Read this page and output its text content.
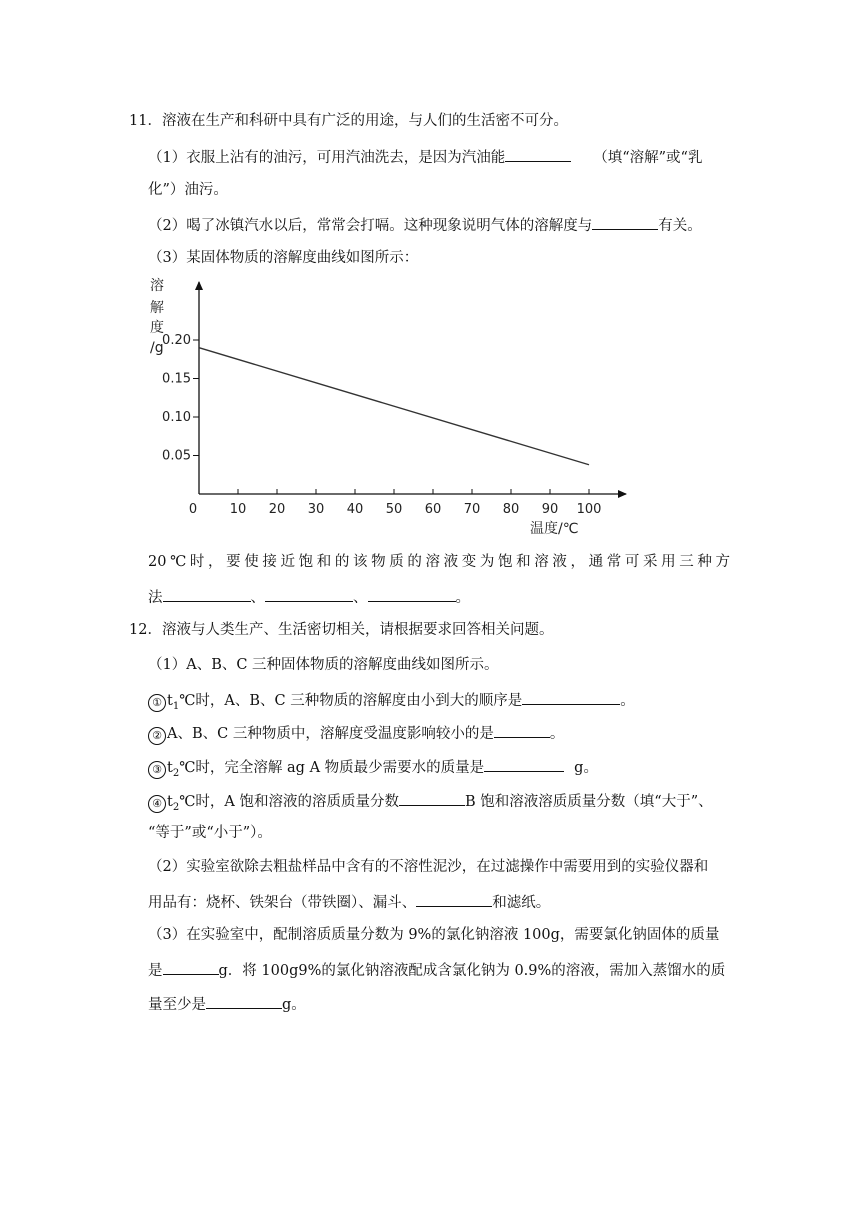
11．溶液在生产和科研中具有广泛的用途，与人们的生活密不可分。
（1）衣服上沾有的油污，可用汽油洗去，是因为汽油能	（填“溶解”或“乳
化”）油污。
（2）喝了冰镇汽水以后，常常会打嗝。这种现象说明气体的溶解度与	有关。
（3）某固体物质的溶解度曲线如图所示：
溶
解
度
/g
0.05
0.10
0.15
0.20
0	10 20 30 40 50 60 70 80 90 100
温度/℃
20℃时，要使接近饱和的该物质的溶液变为饱和溶液，通常可采用三种方
法	、	、	。
12．溶液与人类生产、生活密切相关，请根据要求回答相关问题。
（1）A、B、C 三种固体物质的溶解度曲线如图所示。
① $t_1℃$时，A、B、C 三种物质的溶解度由小到大的顺序是	。
② A、B、C 三种物质中，溶解度受温度影响较小的是	。
③ $t_2℃$时，完全溶解 ag A 物质最少需要水的质量是	g。
④ $t_2℃$时，A 饱和溶液的溶质质量分数	B 饱和溶液溶质质量分数（填“大于”、
“等于”或“小于”）。
（2）实验室欲除去粗盐样品中含有的不溶性泥沙，在过滤操作中需要用到的实验仪器和
用品有：烧杯、铁架台（带铁圈）、漏斗、	和滤纸。
（3）在实验室中，配制溶质质量分数为 9%的氯化钠溶液 100g，需要氯化钠固体的质量
是	g．将 100g9%的氯化钠溶液配成含氯化钠为 0.9%的溶液，需加入蒸馏水的质
量至少是	g。
